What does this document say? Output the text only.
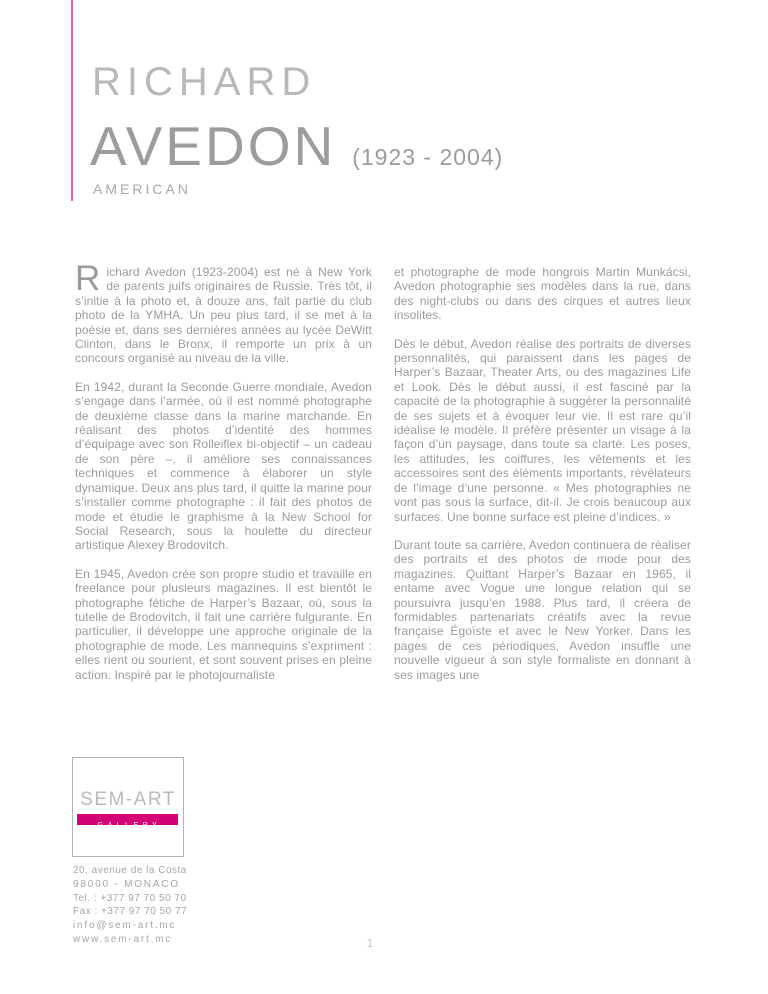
RICHARD
AVEDON (1923 - 2004)
AMERICAN

Richard Avedon (1923-2004) est né à New York de parents juifs originaires de Russie. Très tôt, il s’initie à la photo et, à douze ans, fait partie du club photo de la YMHA. Un peu plus tard, il se met à la poésie et, dans ses dernières années au lycée DeWitt Clinton, dans le Bronx, il remporte un prix à un concours organisé au niveau de la ville.

En 1942, durant la Seconde Guerre mondiale, Avedon s’engage dans l’armée, où il est nommé photographe de deuxième classe dans la marine marchande. En réalisant des photos d’identité des hommes d’équipage avec son Rolleiflex bi-objectif – un cadeau de son père –, il améliore ses connaissances techniques et commence à élaborer un style dynamique. Deux ans plus tard, il quitte la marine pour s’installer comme photographe : il fait des photos de mode et étudie le graphisme à la New School for Social Research, sous la houlette du directeur artistique Alexey Brodovitch.

En 1945, Avedon crée son propre studio et travaille en freelance pour plusieurs magazines. Il est bientôt le photographe fétiche de Harper’s Bazaar, où, sous la tutelle de Brodovitch, il fait une carrière fulgurante. En particulier, il développe une approche originale de la photographie de mode. Les mannequins s’expriment : elles rient ou sourient, et sont souvent prises en pleine action. Inspiré par le photojournaliste

et photographe de mode hongrois Martin Munkácsi, Avedon photographie ses modèles dans la rue, dans des night-clubs ou dans des cirques et autres lieux insolites.

Dès le début, Avedon réalise des portraits de diverses personnalités, qui paraissent dans les pages de Harper’s Bazaar, Theater Arts, ou des magazines Life et Look. Dès le début aussi, il est fasciné par la capacité de la photographie à suggérer la personnalité de ses sujets et à évoquer leur vie. Il est rare qu’il idéalise le modèle. Il préfère présenter un visage à la façon d’un paysage, dans toute sa clarté. Les poses, les attitudes, les coiffures, les vêtements et les accessoires sont des éléments importants, révélateurs de l’image d’une personne. « Mes photographies ne vont pas sous la surface, dit-il. Je crois beaucoup aux surfaces. Une bonne surface est pleine d’indices. »

Durant toute sa carrière, Avedon continuera de réaliser des portraits et des photos de mode pour des magazines. Quittant Harper’s Bazaar en 1965, il entame avec Vogue une longue relation qui se poursuivra jusqu’en 1988. Plus tard, il créera de formidables partenariats créatifs avec la revue française Égoïste et avec le New Yorker. Dans les pages de ces périodiques, Avedon insuffle une nouvelle vigueur à son style formaliste en donnant à ses images une

SEM-ART
GALLERY
20, avenue de la Costa
98000 - MONACO
Tel. : +377 97 70 50 70
Fax : +377 97 70 50 77
info@sem-art.mc
www.sem-art.mc	1
